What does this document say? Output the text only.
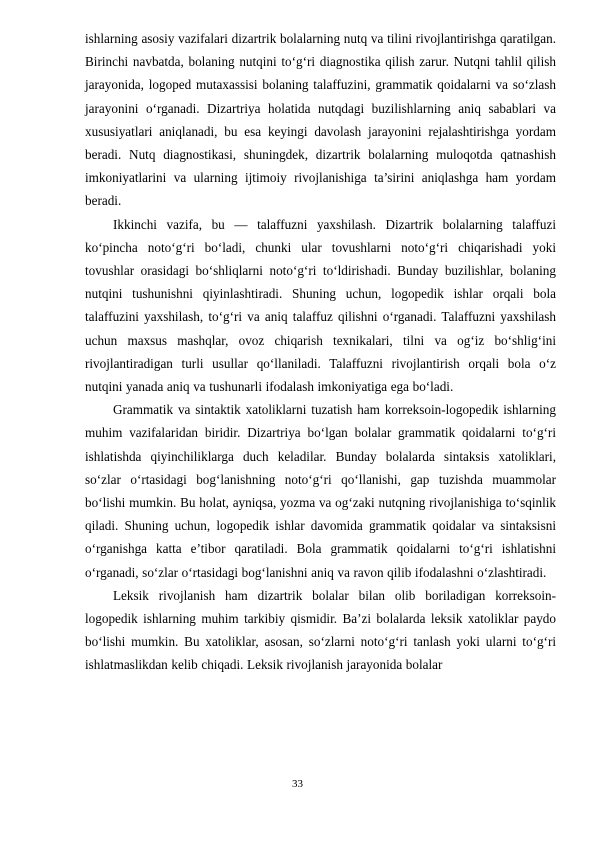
ishlarning asosiy vazifalari dizartrik bolalarning nutq va tilini rivojlantirishga qaratilgan. Birinchi navbatda, bolaning nutqini to‘g‘ri diagnostika qilish zarur. Nutqni tahlil qilish jarayonida, logoped mutaxassisi bolaning talaffuzini, grammatik qoidalarni va so‘zlash jarayonini o‘rganadi. Dizartriya holatida nutqdagi buzilishlarning aniq sabablari va xususiyatlari aniqlanadi, bu esa keyingi davolash jarayonini rejalashtirishga yordam beradi. Nutq diagnostikasi, shuningdek, dizartrik bolalarning muloqotda qatnashish imkoniyatlarini va ularning ijtimoiy rivojlanishiga ta’sirini aniqlashga ham yordam beradi.

Ikkinchi vazifa, bu — talaffuzni yaxshilash. Dizartrik bolalarning talaffuzi ko‘pincha noto‘g‘ri bo‘ladi, chunki ular tovushlarni noto‘g‘ri chiqarishadi yoki tovushlar orasidagi bo‘shliqlarni noto‘g‘ri to‘ldirishadi. Bunday buzilishlar, bolaning nutqini tushunishni qiyinlashtiradi. Shuning uchun, logopedik ishlar orqali bola talaffuzini yaxshilash, to‘g‘ri va aniq talaffuz qilishni o‘rganadi. Talaffuzni yaxshilash uchun maxsus mashqlar, ovoz chiqarish texnikalari, tilni va og‘iz bo‘shlig‘ini rivojlantiradigan turli usullar qo‘llaniladi. Talaffuzni rivojlantirish orqali bola o‘z nutqini yanada aniq va tushunarli ifodalash imkoniyatiga ega bo‘ladi.

Grammatik va sintaktik xatoliklarni tuzatish ham korreksoin-logopedik ishlarning muhim vazifalaridan biridir. Dizartriya bo‘lgan bolalar grammatik qoidalarni to‘g‘ri ishlatishda qiyinchiliklarga duch keladilar. Bunday bolalarda sintaksis xatoliklari, so‘zlar o‘rtasidagi bog‘lanishning noto‘g‘ri qo‘llanishi, gap tuzishda muammolar bo‘lishi mumkin. Bu holat, ayniqsa, yozma va og‘zaki nutqning rivojlanishiga to‘sqinlik qiladi. Shuning uchun, logopedik ishlar davomida grammatik qoidalar va sintaksisni o‘rganishga katta e’tibor qaratiladi. Bola grammatik qoidalarni to‘g‘ri ishlatishni o‘rganadi, so‘zlar o‘rtasidagi bog‘lanishni aniq va ravon qilib ifodalashni o‘zlashtiradi.

Leksik rivojlanish ham dizartrik bolalar bilan olib boriladigan korreksoin-logopedik ishlarning muhim tarkibiy qismidir. Ba’zi bolalarda leksik xatoliklar paydo bo‘lishi mumkin. Bu xatoliklar, asosan, so‘zlarni noto‘g‘ri tanlash yoki ularni to‘g‘ri ishlatmaslikdan kelib chiqadi. Leksik rivojlanish jarayonida bolalar

33
